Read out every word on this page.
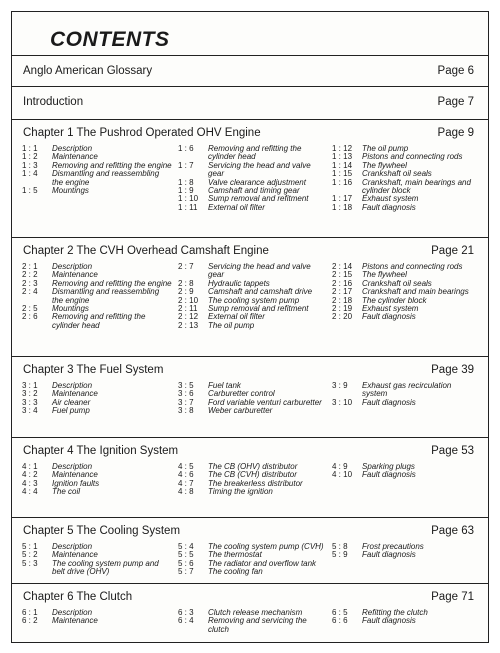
CONTENTS
Anglo American Glossary	Page 6
Introduction	Page 7
Chapter 1 The Pushrod Operated OHV Engine	Page 9
1 : 1	Description
1 : 2	Maintenance
1 : 3	Removing and refitting the engine
1 : 4	Dismantling and reassembling the engine
1 : 5	Mountings
1 : 6	Removing and refitting the cylinder head
1 : 7	Servicing the head and valve gear
1 : 8	Valve clearance adjustment
1 : 9	Camshaft and timing gear
1 : 10	Sump removal and refitment
1 : 11	External oil filter
1 : 12	The oil pump
1 : 13	Pistons and connecting rods
1 : 14	The flywheel
1 : 15	Crankshaft oil seals
1 : 16	Crankshaft, main bearings and cylinder block
1 : 17	Exhaust system
1 : 18	Fault diagnosis
Chapter 2 The CVH Overhead Camshaft Engine	Page 21
2 : 1	Description
2 : 2	Maintenance
2 : 3	Removing and refitting the engine
2 : 4	Dismantling and reassembling the engine
2 : 5	Mountings
2 : 6	Removing and refitting the cylinder head
2 : 7	Servicing the head and valve gear
2 : 8	Hydraulic tappets
2 : 9	Camshaft and camshaft drive
2 : 10	The cooling system pump
2 : 11	Sump removal and refitment
2 : 12	External oil filter
2 : 13	The oil pump
2 : 14	Pistons and connecting rods
2 : 15	The flywheel
2 : 16	Crankshaft oil seals
2 : 17	Crankshaft and main bearings
2 : 18	The cylinder block
2 : 19	Exhaust system
2 : 20	Fault diagnosis
Chapter 3 The Fuel System	Page 39
3 : 1	Description
3 : 2	Maintenance
3 : 3	Air cleaner
3 : 4	Fuel pump
3 : 5	Fuel tank
3 : 6	Carburetter control
3 : 7	Ford variable venturi carburetter
3 : 8	Weber carburetter
3 : 9	Exhaust gas recirculation system
3 : 10	Fault diagnosis
Chapter 4 The Ignition System	Page 53
4 : 1	Description
4 : 2	Maintenance
4 : 3	Ignition faults
4 : 4	The coil
4 : 5	The CB (OHV) distributor
4 : 6	The CB (CVH) distributor
4 : 7	The breakerless distributor
4 : 8	Timing the ignition
4 : 9	Sparking plugs
4 : 10	Fault diagnosis
Chapter 5 The Cooling System	Page 63
5 : 1	Description
5 : 2	Maintenance
5 : 3	The cooling system pump and belt drive (OHV)
5 : 4	The cooling system pump (CVH)
5 : 5	The thermostat
5 : 6	The radiator and overflow tank
5 : 7	The cooling fan
5 : 8	Frost precautions
5 : 9	Fault diagnosis
Chapter 6 The Clutch	Page 71
6 : 1	Description
6 : 2	Maintenance
6 : 3	Clutch release mechanism
6 : 4	Removing and servicing the clutch
6 : 5	Refitting the clutch
6 : 6	Fault diagnosis
